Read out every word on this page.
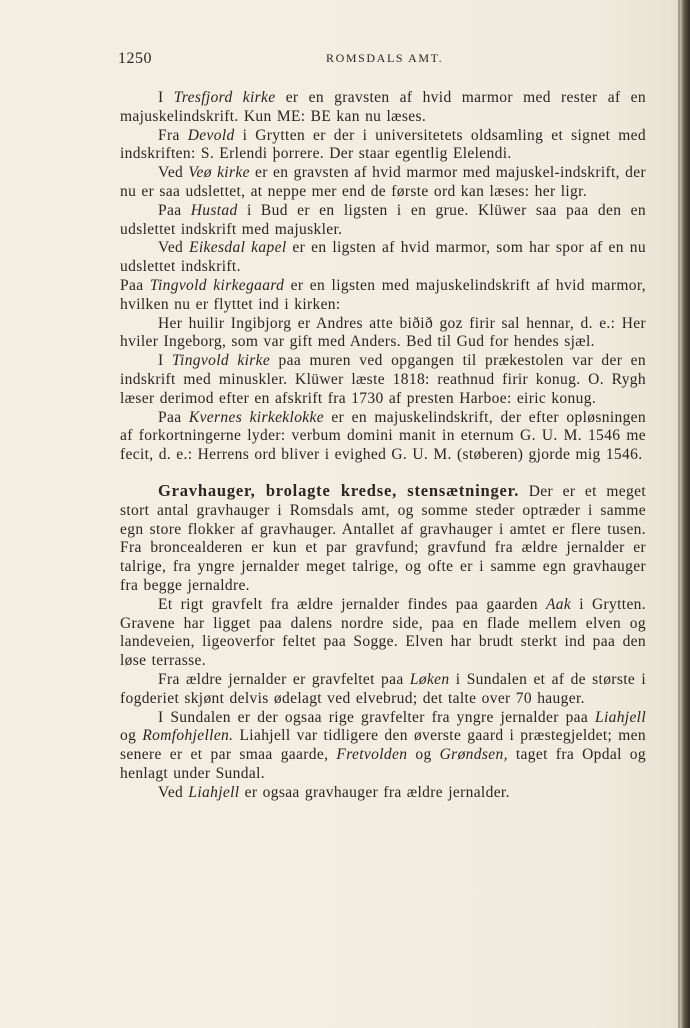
1250	ROMSDALS AMT.

I Tresfjord kirke er en gravsten af hvid marmor med rester af en majuskelindskrift. Kun ME: BE kan nu læses.

Fra Devold i Grytten er der i universitetets oldsamling et signet med indskriften: S. Erlendi þorrere. Der staar egentlig Elelendi.

Ved Veø kirke er en gravsten af hvid marmor med majuskel-indskrift, der nu er saa udslettet, at neppe mer end de første ord kan læses: her ligr.

Paa Hustad i Bud er en ligsten i en grue. Klüwer saa paa den en udslettet indskrift med majuskler.

Ved Eikesdal kapel er en ligsten af hvid marmor, som har spor af en nu udslettet indskrift.

Paa Tingvold kirkegaard er en ligsten med majuskelindskrift af hvid marmor, hvilken nu er flyttet ind i kirken:

Her huilir Ingibjorg er Andres atte biðið goz firir sal hennar, d. e.: Her hviler Ingeborg, som var gift med Anders. Bed til Gud for hendes sjæl.

I Tingvold kirke paa muren ved opgangen til prækestolen var der en indskrift med minuskler. Klüwer læste 1818: reathnud firir konug. O. Rygh læser derimod efter en afskrift fra 1730 af presten Harboe: eiric konug.

Paa Kvernes kirkeklokke er en majuskelindskrift, der efter opløsningen af forkortningerne lyder: verbum domini manit in eternum G. U. M. 1546 me fecit, d. e.: Herrens ord bliver i evighed G. U. M. (støberen) gjorde mig 1546.

Gravhauger, brolagte kredse, stensætninger. Der er et meget stort antal gravhauger i Romsdals amt, og somme steder optræder i samme egn store flokker af gravhauger. Antallet af gravhauger i amtet er flere tusen. Fra broncealderen er kun et par gravfund; gravfund fra ældre jernalder er talrige, fra yngre jernalder meget talrige, og ofte er i samme egn gravhauger fra begge jernaldre.

Et rigt gravfelt fra ældre jernalder findes paa gaarden Aak i Grytten. Gravene har ligget paa dalens nordre side, paa en flade mellem elven og landeveien, ligeoverfor feltet paa Sogge. Elven har brudt sterkt ind paa den løse terrasse.

Fra ældre jernalder er gravfeltet paa Løken i Sundalen et af de største i fogderiet skjønt delvis ødelagt ved elvebrud; det talte over 70 hauger.

I Sundalen er der ogsaa rige gravfelter fra yngre jernalder paa Liahjell og Romfohjellen. Liahjell var tidligere den øverste gaard i præstegjeldet; men senere er et par smaa gaarde, Fretvolden og Grøndsen, taget fra Opdal og henlagt under Sundal.

Ved Liahjell er ogsaa gravhauger fra ældre jernalder.
